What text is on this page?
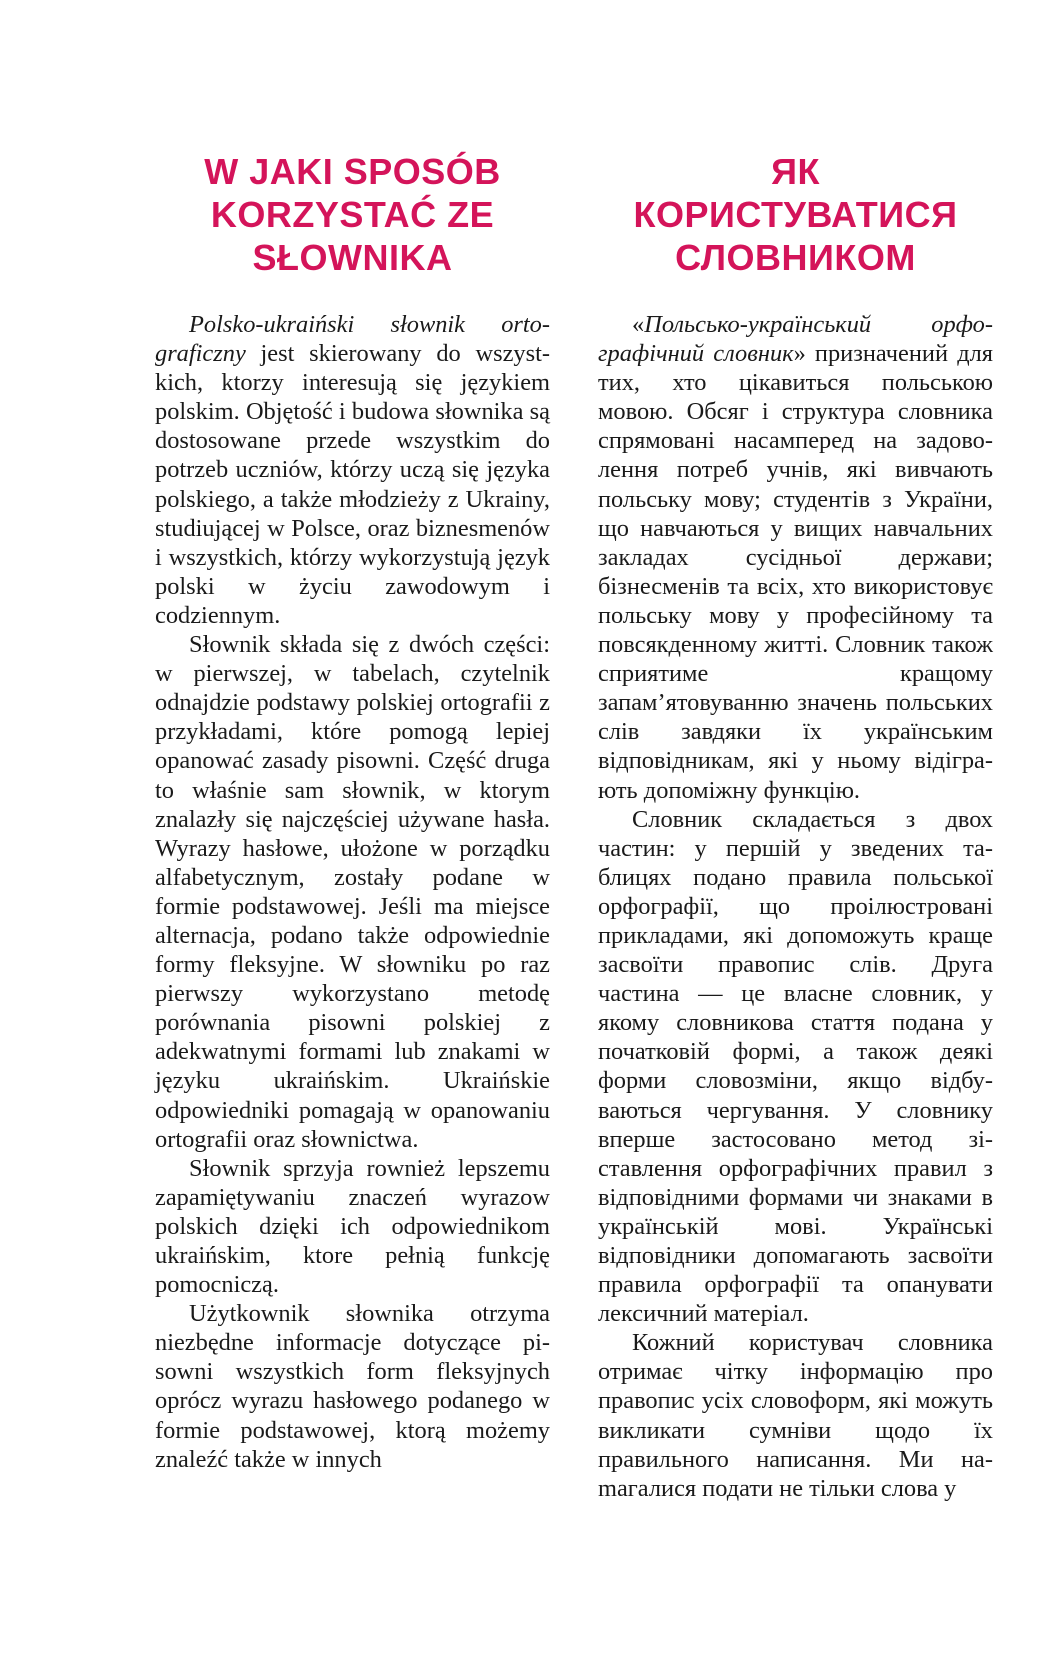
W JAKI SPOSÓB
KORZYSTAĆ ZE
SŁOWNIKA

Polsko-ukraiński słownik ortograficzny jest skierowany do wszystkich, ktorzy interesują się językiem polskim. Objętość i budowa słownika są dostosowane przede wszystkim do potrzeb uczniów, którzy uczą się języka polskiego, a także młodzieży z Ukrainy, studiującej w Polsce, oraz biznesmenów i wszystkich, którzy wykorzystują język polski w życiu zawodowym i codziennym.

Słownik składa się z dwóch części: w pierwszej, w tabelach, czytelnik odnajdzie podstawy polskiej ortografii z przykładami, które pomogą lepiej opanować zasady pisowni. Część druga to właśnie sam słownik, w ktorym znalazły się najczęściej używane hasła. Wyrazy hasłowe, ułożone w porządku alfabetycznym, zostały podane w formie podstawowej. Jeśli ma miejsce alternacja, podano także odpowiednie formy fleksyjne. W słowniku po raz pierwszy wykorzystano metodę porównania pisowni polskiej z adekwatnymi formami lub znakami w języku ukraińskim. Ukraińskie odpowiedniki pomagają w opanowaniu ortografii oraz słownictwa.

Słownik sprzyja rowniеż lepszemu zapamiętywaniu znaczeń wyrazow polskich dzięki ich odpowiednikom ukraińskim, ktore pełnią funkcję pomocniczą.

Użytkownik słownika otrzyma niezbędne informacje dotyczące pisowni wszystkich form fleksyjnych oprócz wyrazu hasłowego podanego w formie podstawowej, ktorą możemy znaleźć także w innych

ЯК
КОРИСТУВАТИСЯ
СЛОВНИКОМ

«Польсько-український орфографічний словник» призначений для тих, хто цікавиться польською мовою. Обсяг і структура словника спрямовані насамперед на задоволення потреб учнів, які вивчають польську мову; студентів з України, що навчаються у вищих навчальних закладах сусідньої держави; бізнесменів та всіх, хто використовує польську мову у професійному та повсякденному житті. Словник також сприятиме кращому запам’ятовуванню значень польських слів завдяки їх українським відповідникам, які у ньому відіграють допоміжну функцію.

Словник складається з двох частин: у першій у зведених таблицях подано правила польської орфографії, що проілюстровані прикладами, які допоможуть краще засвоїти правопис слів. Друга частина — це власне словник, у якому словникова стаття подана у початковій формі, а також деякі форми словозміни, якщо відбуваються чергування. У словнику вперше застосовано метод зіставлення орфографічних правил з відповідними формами чи знаками в українській мові. Українські відповідники допомагають засвоїти правила орфографії та опанувати лексичний матеріал.

Кожний користувач словника отримає чітку інформацію про правопис усіх словоформ, які можуть викликати сумніви щодо їх правильного написання. Ми наmагалися подати не тільки слова у
